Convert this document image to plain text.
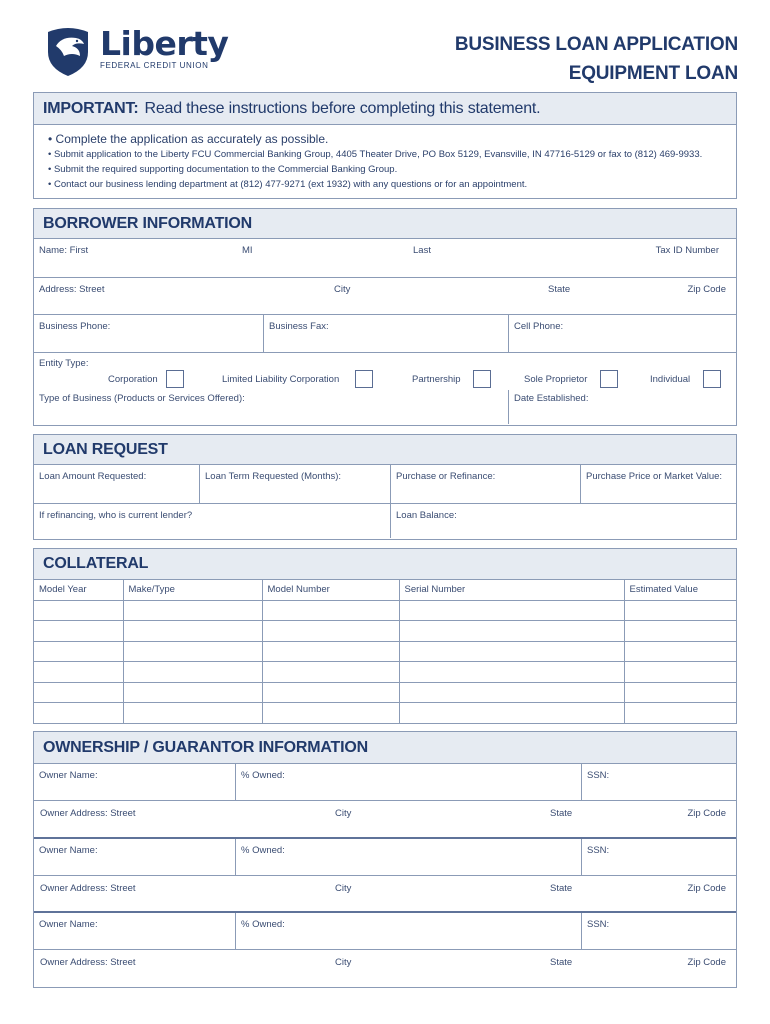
Liberty
FEDERAL CREDIT UNION
BUSINESS LOAN APPLICATION
EQUIPMENT LOAN
IMPORTANT: Read these instructions before completing this statement.
• Complete the application as accurately as possible.
• Submit application to the Liberty FCU Commercial Banking Group, 4405 Theater Drive, PO Box 5129, Evansville, IN 47716-5129 or fax to (812) 469-9933.
• Submit the required supporting documentation to the Commercial Banking Group.
• Contact our business lending department at (812) 477-9271 (ext 1932) with any questions or for an appointment.
BORROWER INFORMATION
Name: First	MI	Last	Tax ID Number
Address: Street	City	State	Zip Code
Business Phone:	Business Fax:	Cell Phone:
Entity Type:
Corporation	Limited Liability Corporation	Partnership	Sole Proprietor	Individual
Type of Business (Products or Services Offered):	Date Established:
LOAN REQUEST
Loan Amount Requested:	Loan Term Requested (Months):	Purchase or Refinance:	Purchase Price or Market Value:
If refinancing, who is current lender?	Loan Balance:
COLLATERAL
Model Year	Make/Type	Model Number	Serial Number	Estimated Value

OWNERSHIP / GUARANTOR INFORMATION
Owner Name:	% Owned:	SSN:
Owner Address: Street	City	State	Zip Code
Owner Name:	% Owned:	SSN:
Owner Address: Street	City	State	Zip Code
Owner Name:	% Owned:	SSN:
Owner Address: Street	City	State	Zip Code
